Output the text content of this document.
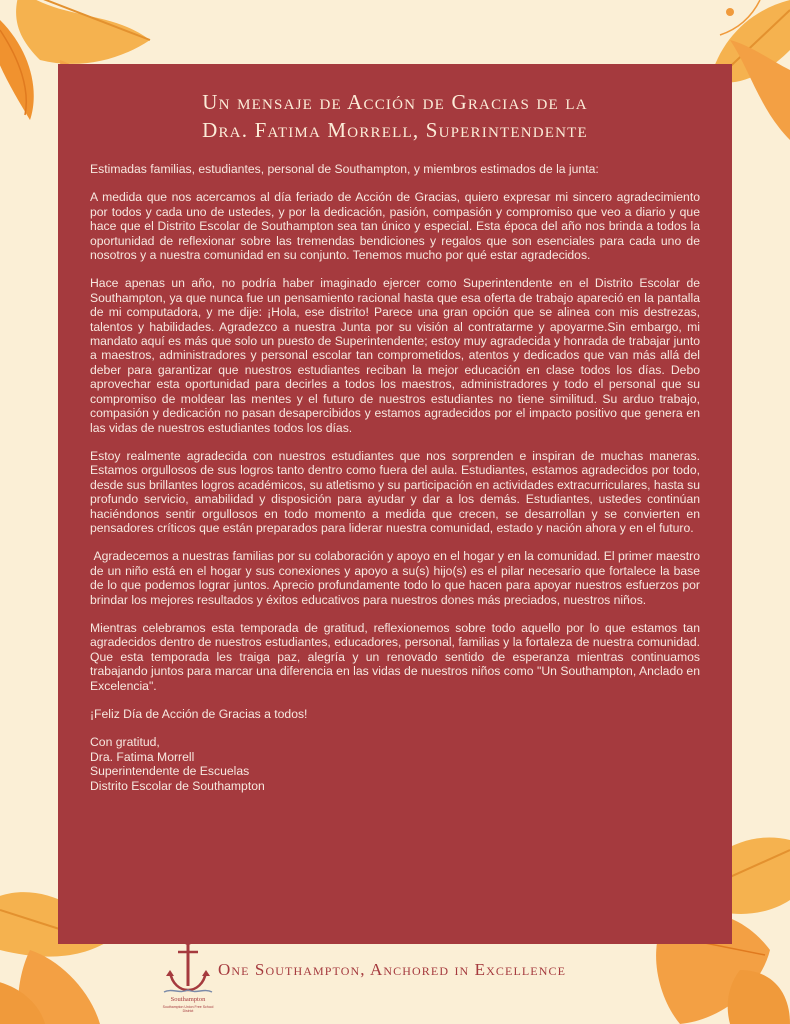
Un mensaje de Acción de Gracias de la
Dra. Fatima Morrell, Superintendente

Estimadas familias, estudiantes, personal de Southampton, y miembros estimados de la junta:

A medida que nos acercamos al día feriado de Acción de Gracias, quiero expresar mi sincero agradecimiento por todos y cada uno de ustedes, y por la dedicación, pasión, compasión y compromiso que veo a diario y que hace que el Distrito Escolar de Southampton sea tan único y especial. Esta época del año nos brinda a todos la oportunidad de reflexionar sobre las tremendas bendiciones y regalos que son esenciales para cada uno de nosotros y a nuestra comunidad en su conjunto. Tenemos mucho por qué estar agradecidos.

Hace apenas un año, no podría haber imaginado ejercer como Superintendente en el Distrito Escolar de Southampton, ya que nunca fue un pensamiento racional hasta que esa oferta de trabajo apareció en la pantalla de mi computadora, y me dije: ¡Hola, ese distrito! Parece una gran opción que se alinea con mis destrezas, talentos y habilidades. Agradezco a nuestra Junta por su visión al contratarme y apoyarme.Sin embargo, mi mandato aquí es más que solo un puesto de Superintendente; estoy muy agradecida y honrada de trabajar junto a maestros, administradores y personal escolar tan comprometidos, atentos y dedicados que van más allá del deber para garantizar que nuestros estudiantes reciban la mejor educación en clase todos los días. Debo aprovechar esta oportunidad para decirles a todos los maestros, administradores y todo el personal que su compromiso de moldear las mentes y el futuro de nuestros estudiantes no tiene similitud. Su arduo trabajo, compasión y dedicación no pasan desapercibidos y estamos agradecidos por el impacto positivo que genera en las vidas de nuestros estudiantes todos los días.

Estoy realmente agradecida con nuestros estudiantes que nos sorprenden e inspiran de muchas maneras. Estamos orgullosos de sus logros tanto dentro como fuera del aula. Estudiantes, estamos agradecidos por todo, desde sus brillantes logros académicos, su atletismo y su participación en actividades extracurriculares, hasta su profundo servicio, amabilidad y disposición para ayudar y dar a los demás. Estudiantes, ustedes continúan haciéndonos sentir orgullosos en todo momento a medida que crecen, se desarrollan y se convierten en pensadores críticos que están preparados para liderar nuestra comunidad, estado y nación ahora y en el futuro.

Agradecemos a nuestras familias por su colaboración y apoyo en el hogar y en la comunidad. El primer maestro de un niño está en el hogar y sus conexiones y apoyo a su(s) hijo(s) es el pilar necesario que fortalece la base de lo que podemos lograr juntos. Aprecio profundamente todo lo que hacen para apoyar nuestros esfuerzos por brindar los mejores resultados y éxitos educativos para nuestros dones más preciados, nuestros niños.

Mientras celebramos esta temporada de gratitud, reflexionemos sobre todo aquello por lo que estamos tan agradecidos dentro de nuestros estudiantes, educadores, personal, familias y la fortaleza de nuestra comunidad. Que esta temporada les traiga paz, alegría y un renovado sentido de esperanza mientras continuamos trabajando juntos para marcar una diferencia en las vidas de nuestros niños como "Un Southampton, Anclado en Excelencia".

¡Feliz Día de Acción de Gracias a todos!

Con gratitud,
Dra. Fatima Morrell
Superintendente de Escuelas
Distrito Escolar de Southampton
Southampton
Southampton Union Free School District
One Southampton, Anchored in Excellence
